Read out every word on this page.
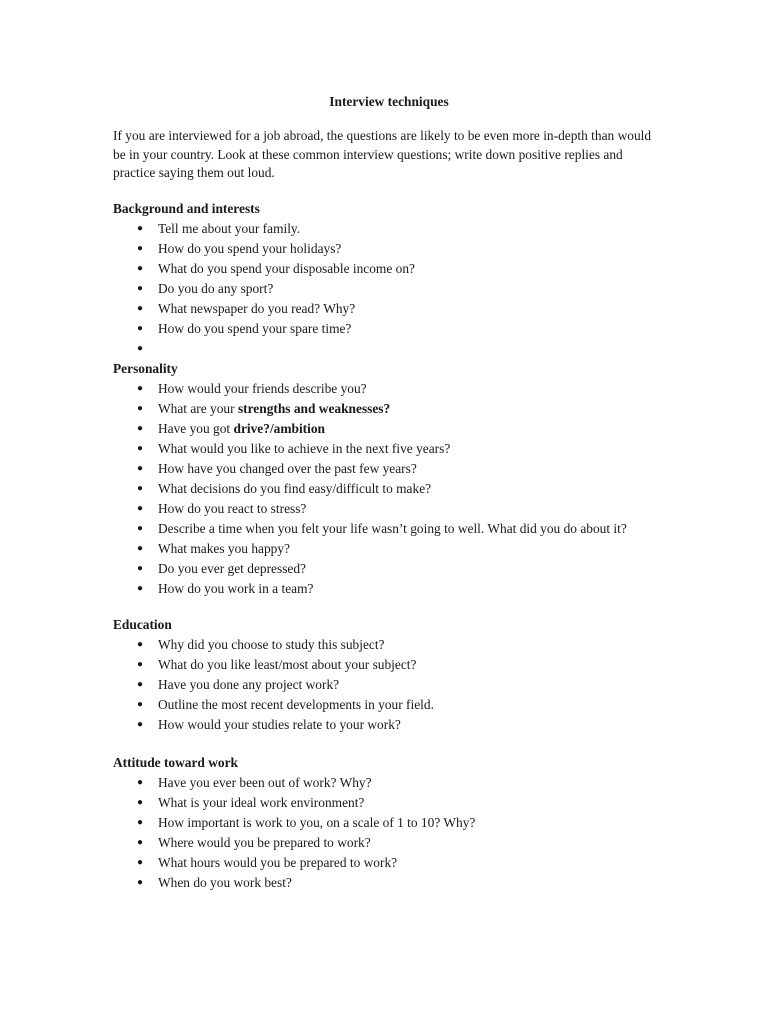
Interview techniques

If you are interviewed for a job abroad, the questions are likely to be even more in-depth than would be in your country. Look at these common interview questions; write down positive replies and practice saying them out loud.

Background and interests
● Tell me about your family.
● How do you spend your holidays?
● What do you spend your disposable income on?
● Do you do any sport?
● What newspaper do you read? Why?
● How do you spend your spare time?
●

Personality
● How would your friends describe you?
● What are your strengths and weaknesses?
● Have you got drive?/ambition
● What would you like to achieve in the next five years?
● How have you changed over the past few years?
● What decisions do you find easy/difficult to make?
● How do you react to stress?
● Describe a time when you felt your life wasn’t going to well. What did you do about it?
● What makes you happy?
● Do you ever get depressed?
● How do you work in a team?
Education
● Why did you choose to study this subject?
● What do you like least/most about your subject?
● Have you done any project work?
● Outline the most recent developments in your field.
● How would your studies relate to your work?
Attitude toward work
● Have you ever been out of work? Why?
● What is your ideal work environment?
● How important is work to you, on a scale of 1 to 10? Why?
● Where would you be prepared to work?
● What hours would you be prepared to work?
● When do you work best?
